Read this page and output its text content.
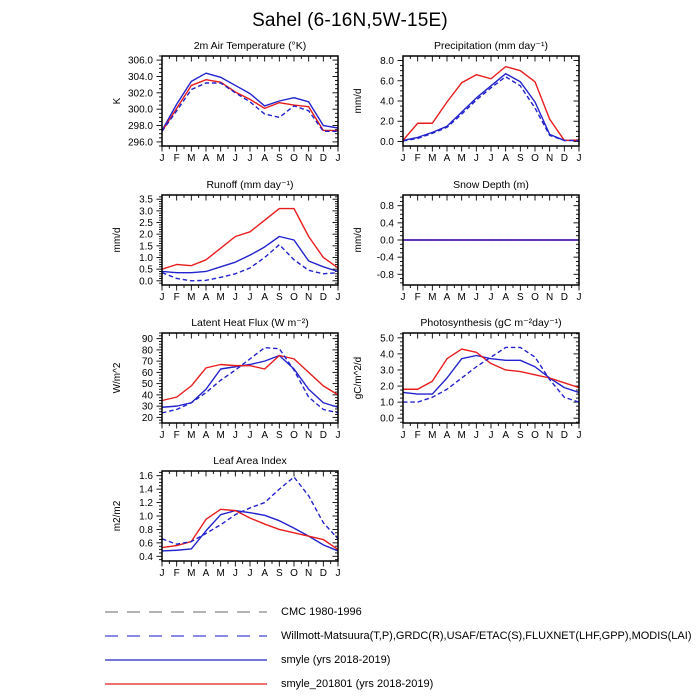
Sahel (6-16N,5W-15E)
2m Air Temperature (°K)
K
J F M A M J J A S O N D J
306.0
304.0
302.0
300.0
298.0
296.0
Precipitation (mm day⁻¹)
mm/d
J F M A M J J A S O N D J
8.0
6.0
4.0
2.0
0.0
Runoff (mm day⁻¹)
mm/d
J F M A M J J A S O N D J
3.5
3.0
2.5
2.0
1.5
1.0
0.5
0.0
Snow Depth (m)
mm/d
J F M A M J J A S O N D J
0.8
0.4
0.0
-0.4
-0.8
Latent Heat Flux (W m⁻²)
W/m^2
J F M A M J J A S O N D J
90
80
70
60
50
40
30
20
Photosynthesis (gC m⁻²day⁻¹)
gC/m^2/d
J F M A M J J A S O N D J
5.0
4.0
3.0
2.0
1.0
0.0
Leaf Area Index
m2/m2
J F M A M J J A S O N D J
1.6
1.4
1.2
1.0
0.8
0.6
0.4
CMC 1980-1996
Willmott-Matsuura(T,P),GRDC(R),USAF/ETAC(S),FLUXNET(LHF,GPP),MODIS(LAI)
smyle (yrs 2018-2019)
smyle_201801 (yrs 2018-2019)
